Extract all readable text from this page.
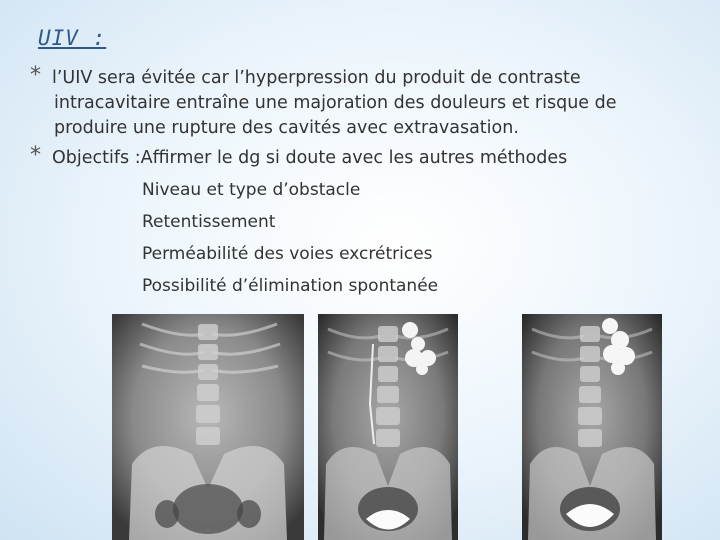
UIV :
* l’UIV sera évitée car l’hyperpression du produit de contraste
intracavitaire entraîne une majoration des douleurs et risque de
produire une rupture des cavités avec extravasation.
* Objectifs :Affirmer le dg si doute avec les autres méthodes
Niveau et type d’obstacle
Retentissement
Perméabilité des voies excrétrices
Possibilité d’élimination spontanée
